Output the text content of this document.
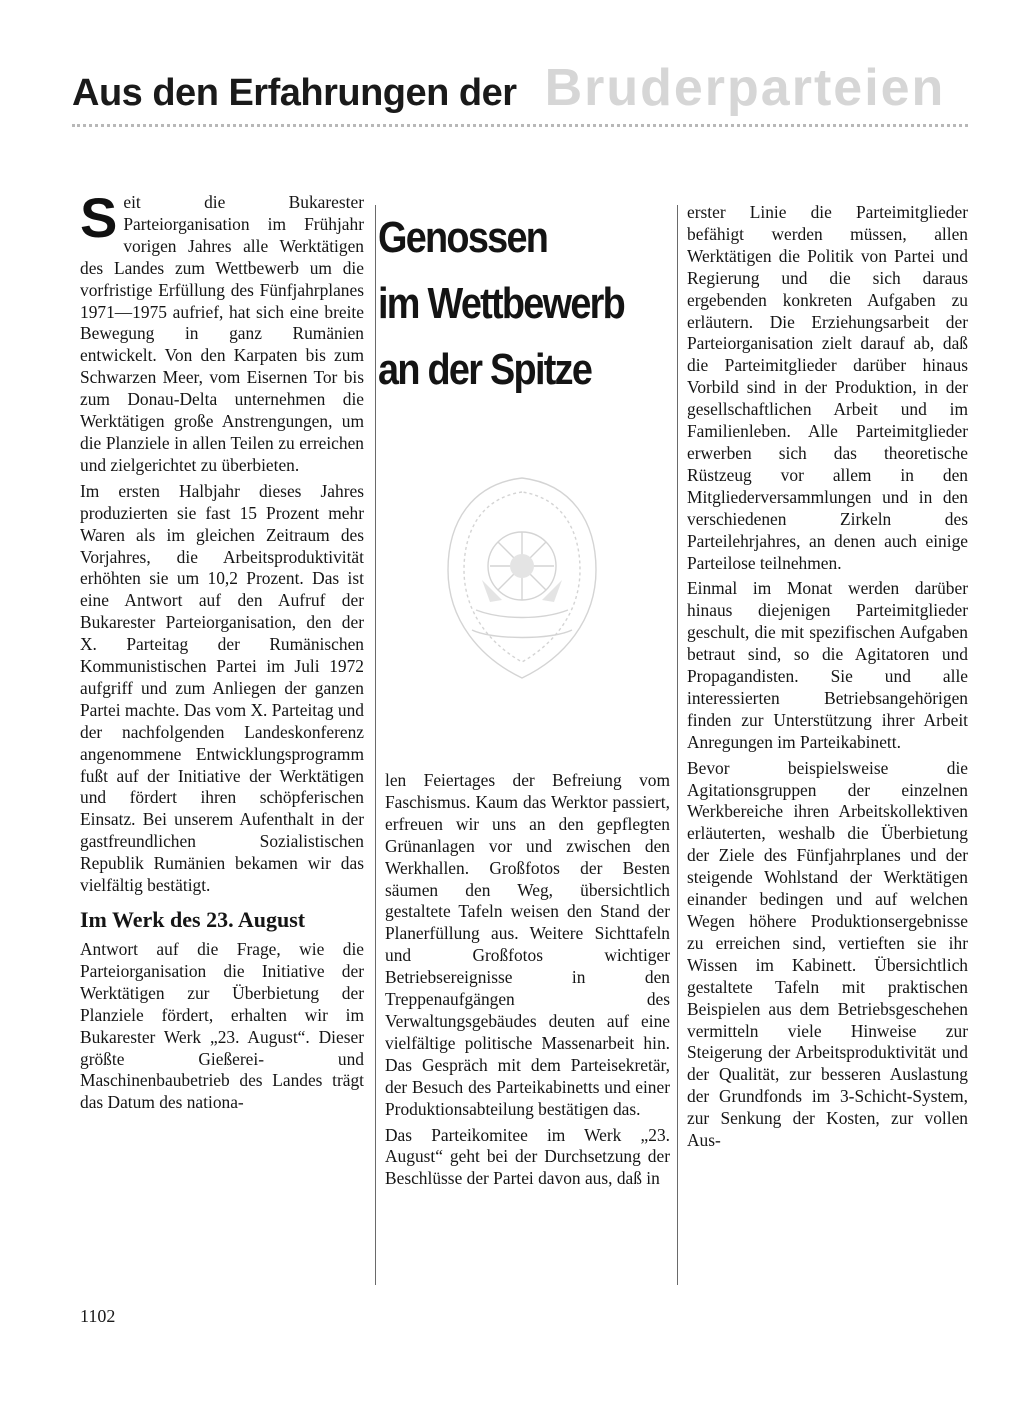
Aus den Erfahrungen der Bruderparteien

Seit die Bukarester Parteiorganisation im Frühjahr vorigen Jahres alle Werktätigen des Landes zum Wettbewerb um die vorfristige Erfüllung des Fünfjahrplanes 1971—1975 aufrief, hat sich eine breite Bewegung in ganz Rumänien entwickelt. Von den Karpaten bis zum Schwarzen Meer, vom Eisernen Tor bis zum Donau-Delta unternehmen die Werktätigen große Anstrengungen, um die Planziele in allen Teilen zu erreichen und zielgerichtet zu überbieten.

Im ersten Halbjahr dieses Jahres produzierten sie fast 15 Prozent mehr Waren als im gleichen Zeitraum des Vorjahres, die Arbeitsproduktivität erhöhten sie um 10,2 Prozent. Das ist eine Antwort auf den Aufruf der Bukarester Parteiorganisation, den der X. Parteitag der Rumänischen Kommunistischen Partei im Juli 1972 aufgriff und zum Anliegen der ganzen Partei machte. Das vom X. Parteitag und der nachfolgenden Landeskonferenz angenommene Entwicklungsprogramm fußt auf der Initiative der Werktätigen und fördert ihren schöpferischen Einsatz. Bei unserem Aufenthalt in der gastfreundlichen Sozialistischen Republik Rumänien bekamen wir das vielfältig bestätigt.

Im Werk des 23. August

Antwort auf die Frage, wie die Parteiorganisation die Initiative der Werktätigen zur Überbietung der Planziele fördert, erhalten wir im Bukarester Werk „23. August“. Dieser größte Gießerei- und Maschinenbaubetrieb des Landes trägt das Datum des nationa-

Genossen
im Wettbewerb
an der Spitze

len Feiertages der Befreiung vom Faschismus. Kaum das Werktor passiert, erfreuen wir uns an den gepflegten Grünanlagen vor und zwischen den Werkhallen. Großfotos der Besten säumen den Weg, übersichtlich gestaltete Tafeln weisen den Stand der Planerfüllung aus. Weitere Sichttafeln und Großfotos wichtiger Betriebsereignisse in den Treppenaufgängen des Verwaltungsgebäudes deuten auf eine vielfältige politische Massenarbeit hin. Das Gespräch mit dem Parteisekretär, der Besuch des Parteikabinetts und einer Produktionsabteilung bestätigen das.

Das Parteikomitee im Werk „23. August“ geht bei der Durchsetzung der Beschlüsse der Partei davon aus, daß in

erster Linie die Parteimitglieder befähigt werden müssen, allen Werktätigen die Politik von Partei und Regierung und die sich daraus ergebenden konkreten Aufgaben zu erläutern. Die Erziehungsarbeit der Parteiorganisation zielt darauf ab, daß die Parteimitglieder darüber hinaus Vorbild sind in der Produktion, in der gesellschaftlichen Arbeit und im Familienleben. Alle Parteimitglieder erwerben sich das theoretische Rüstzeug vor allem in den Mitgliederversammlungen und in den verschiedenen Zirkeln des Parteilehrjahres, an denen auch einige Parteilose teilnehmen.

Einmal im Monat werden darüber hinaus diejenigen Parteimitglieder geschult, die mit spezifischen Aufgaben betraut sind, so die Agitatoren und Propagandisten. Sie und alle interessierten Betriebsangehörigen finden zur Unterstützung ihrer Arbeit Anregungen im Parteikabinett.

Bevor beispielsweise die Agitationsgruppen der einzelnen Werkbereiche ihren Arbeitskollektiven erläuterten, weshalb die Überbietung der Ziele des Fünfjahrplanes und der steigende Wohlstand der Werktätigen einander bedingen und auf welchen Wegen höhere Produktionsergebnisse zu erreichen sind, vertieften sie ihr Wissen im Kabinett. Übersichtlich gestaltete Tafeln mit praktischen Beispielen aus dem Betriebsgeschehen vermitteln viele Hinweise zur Steigerung der Arbeitsproduktivität und der Qualität, zur besseren Auslastung der Grundfonds im 3-Schicht-System, zur Senkung der Kosten, zur vollen Aus-

1102
